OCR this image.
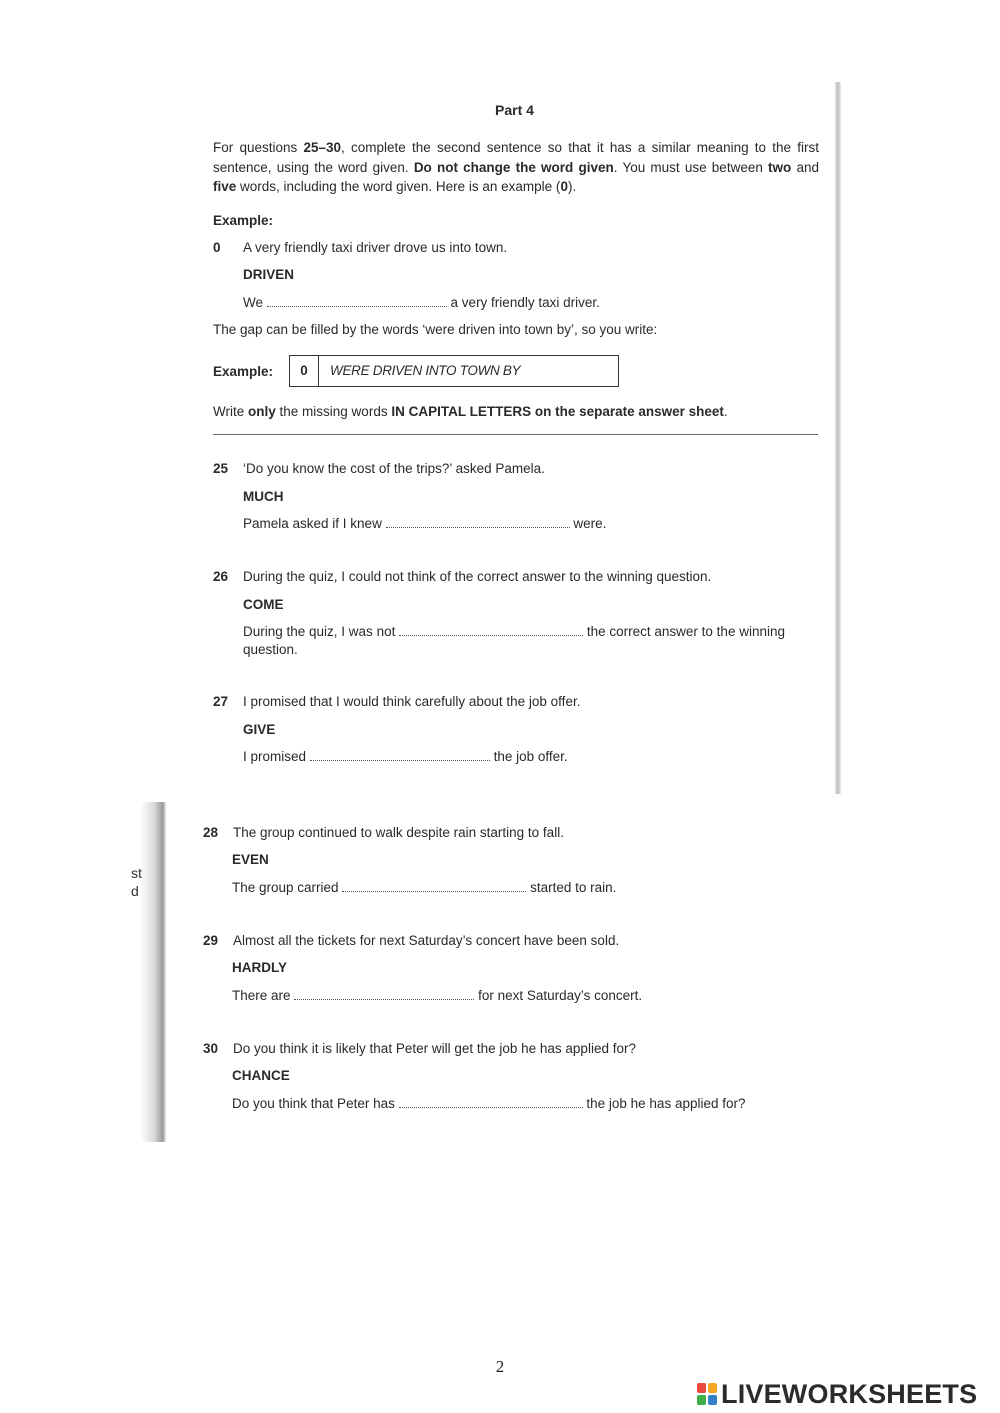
st
d
Part 4
For questions 25–30, complete the second sentence so that it has a similar meaning to the first sentence, using the word given. Do not change the word given. You must use between two and five words, including the word given. Here is an example (0).
Example:
0 A very friendly taxi driver drove us into town.
DRIVEN
We	a very friendly taxi driver.
The gap can be filled by the words ‘were driven into town by’, so you write:
Example:	0	WERE DRIVEN INTO TOWN BY
Write only the missing words IN CAPITAL LETTERS on the separate answer sheet.
25 ‘Do you know the cost of the trips?’ asked Pamela.
MUCH
Pamela asked if I knew	were.
26 During the quiz, I could not think of the correct answer to the winning question.
COME
During the quiz, I was not	the correct answer to the winning
question.
27 I promised that I would think carefully about the job offer.
GIVE
I promised	the job offer.
28 The group continued to walk despite rain starting to fall.
EVEN
The group carried	started to rain.
29 Almost all the tickets for next Saturday’s concert have been sold.
HARDLY
There are	for next Saturday’s concert.
30 Do you think it is likely that Peter will get the job he has applied for?
CHANCE
Do you think that Peter has	the job he has applied for?
2
LIVEWORKSHEETS
